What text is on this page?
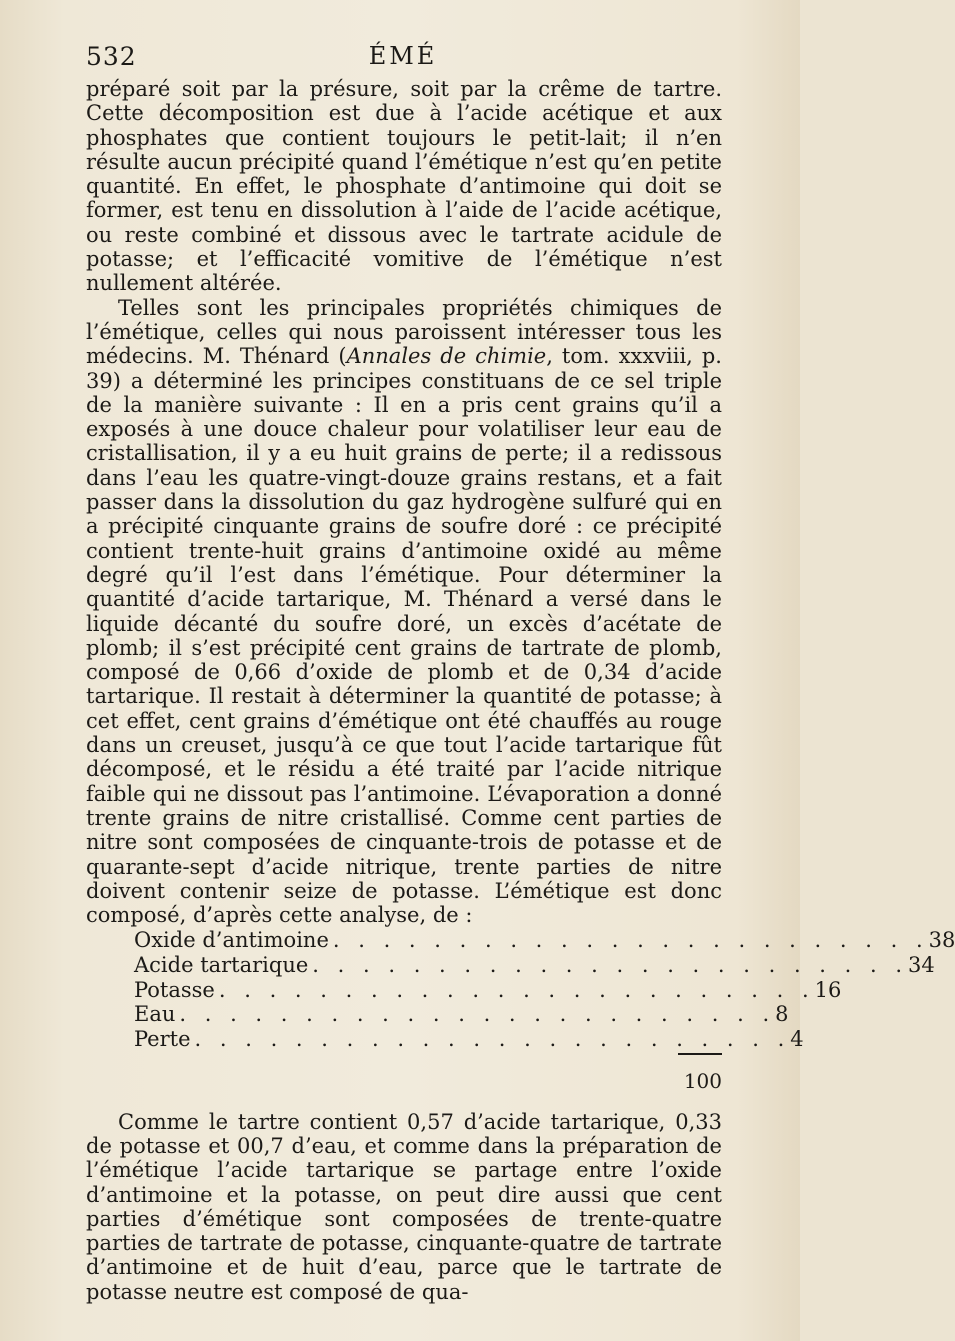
532	ÉMÉ

préparé soit par la présure, soit par la crême de tartre. Cette décomposition est due à l’acide acétique et aux phosphates que contient toujours le petit-lait; il n’en résulte aucun précipité quand l’émétique n’est qu’en petite quantité. En effet, le phosphate d’antimoine qui doit se former, est tenu en dissolution à l’aide de l’acide acétique, ou reste combiné et dissous avec le tartrate acidule de potasse; et l’efficacité vomitive de l’émétique n’est nullement altérée.

Telles sont les principales propriétés chimiques de l’émétique, celles qui nous paroissent intéresser tous les médecins. M. Thénard (Annales de chimie, tom. xxxviii, p. 39) a déterminé les principes constituans de ce sel triple de la manière suivante : Il en a pris cent grains qu’il a exposés à une douce chaleur pour volatiliser leur eau de cristallisation, il y a eu huit grains de perte; il a redissous dans l’eau les quatre-vingt-douze grains restans, et a fait passer dans la dissolution du gaz hydrogène sulfuré qui en a précipité cinquante grains de soufre doré : ce précipité contient trente-huit grains d’antimoine oxidé au même degré qu’il l’est dans l’émétique. Pour déterminer la quantité d’acide tartarique, M. Thénard a versé dans le liquide décanté du soufre doré, un excès d’acétate de plomb; il s’est précipité cent grains de tartrate de plomb, composé de 0,66 d’oxide de plomb et de 0,34 d’acide tartarique. Il restait à déterminer la quantité de potasse; à cet effet, cent grains d’émétique ont été chauffés au rouge dans un creuset, jusqu’à ce que tout l’acide tartarique fût décomposé, et le résidu a été traité par l’acide nitrique faible qui ne dissout pas l’antimoine. L’évaporation a donné trente grains de nitre cristallisé. Comme cent parties de nitre sont composées de cinquante-trois de potasse et de quarante-sept d’acide nitrique, trente parties de nitre doivent contenir seize de potasse. L’émétique est donc composé, d’après cette analyse, de :

Oxide d’antimoine . . . . . . . . . . . . . . . . . . . . . . . . 38
Acide tartarique . . . . . . . . . . . . . . . . . . . . . . . . 34
Potasse . . . . . . . . . . . . . . . . . . . . . . . . 16
Eau . . . . . . . . . . . . . . . . . . . . . . . . 8
Perte . . . . . . . . . . . . . . . . . . . . . . . . 4
100

Comme le tartre contient 0,57 d’acide tartarique, 0,33 de potasse et 00,7 d’eau, et comme dans la préparation de l’émétique l’acide tartarique se partage entre l’oxide d’antimoine et la potasse, on peut dire aussi que cent parties d’émétique sont composées de trente-quatre parties de tartrate de potasse, cinquante-quatre de tartrate d’antimoine et de huit d’eau, parce que le tartrate de potasse neutre est composé de qua-
